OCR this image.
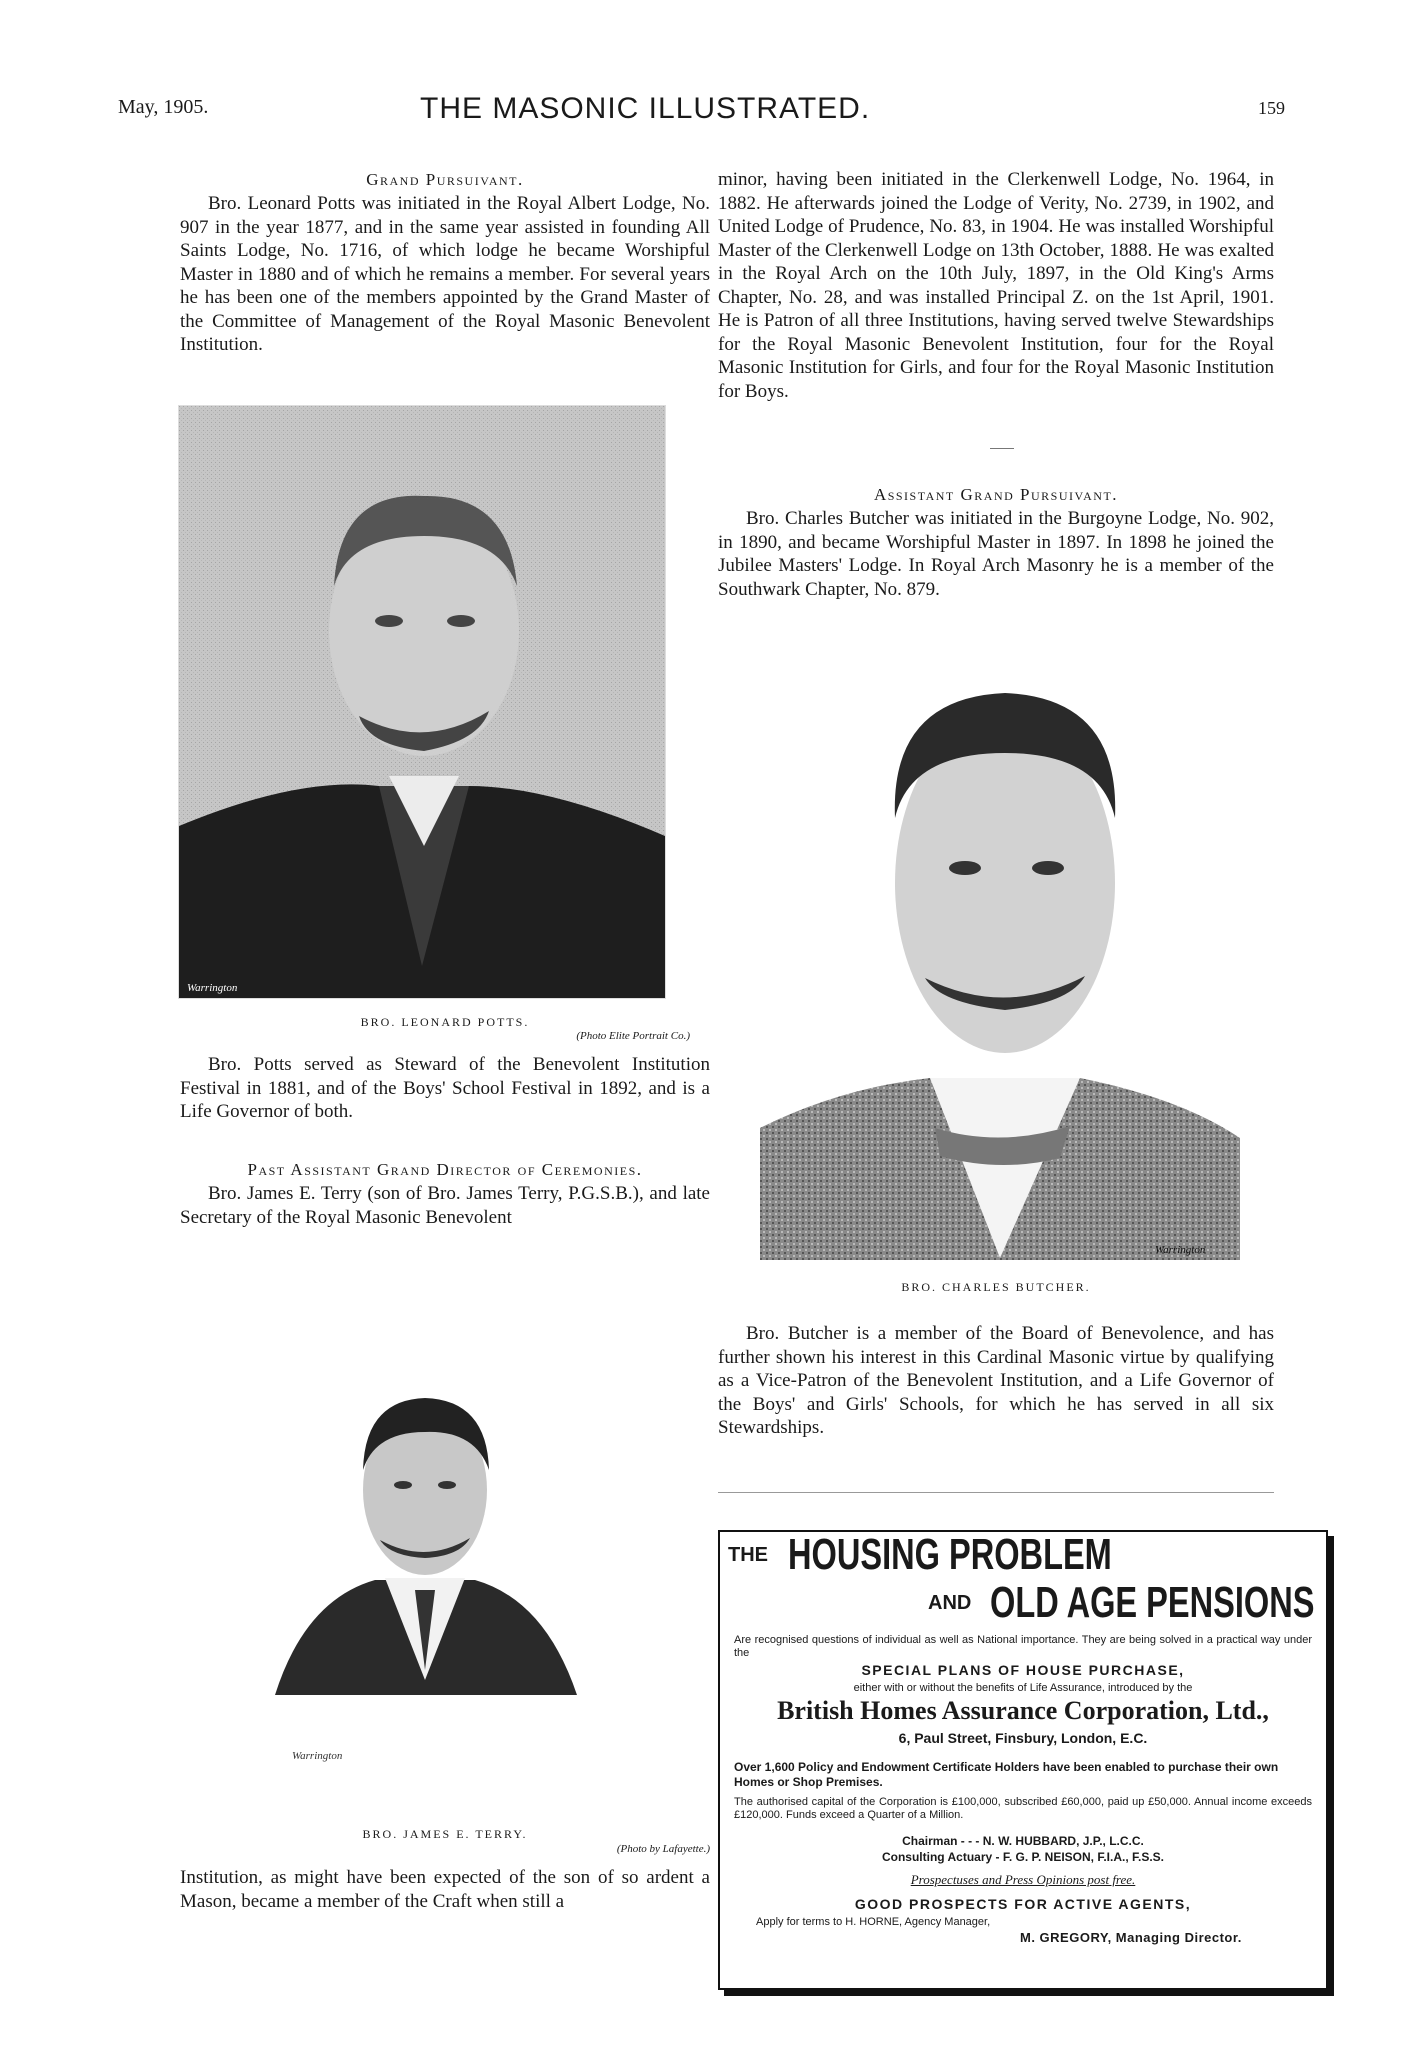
May, 1905.	THE MASONIC ILLUSTRATED.	159
Grand Pursuivant.

Bro. Leonard Potts was initiated in the Royal Albert Lodge, No. 907 in the year 1877, and in the same year assisted in founding All Saints Lodge, No. 1716, of which lodge he became Worshipful Master in 1880 and of which he remains a member. For several years he has been one of the members appointed by the Grand Master of the Committee of Management of the Royal Masonic Benevolent Institution.

Warrington
BRO. LEONARD POTTS.
(Photo Elite Portrait Co.)

Bro. Potts served as Steward of the Benevolent Institution Festival in 1881, and of the Boys' School Festival in 1892, and is a Life Governor of both.

Past Assistant Grand Director of Ceremonies.

Bro. James E. Terry (son of Bro. James Terry, P.G.S.B.), and late Secretary of the Royal Masonic Benevolent

Warrington
BRO. JAMES E. TERRY.
(Photo by Lafayette.)

Institution, as might have been expected of the son of so ardent a Mason, became a member of the Craft when still a

minor, having been initiated in the Clerkenwell Lodge, No. 1964, in 1882. He afterwards joined the Lodge of Verity, No. 2739, in 1902, and United Lodge of Prudence, No. 83, in 1904. He was installed Worshipful Master of the Clerkenwell Lodge on 13th October, 1888. He was exalted in the Royal Arch on the 10th July, 1897, in the Old King's Arms Chapter, No. 28, and was installed Principal Z. on the 1st April, 1901. He is Patron of all three Institutions, having served twelve Stewardships for the Royal Masonic Benevolent Institution, four for the Royal Masonic Institution for Girls, and four for the Royal Masonic Institution for Boys.

Assistant Grand Pursuivant.

Bro. Charles Butcher was initiated in the Burgoyne Lodge, No. 902, in 1890, and became Worshipful Master in 1897. In 1898 he joined the Jubilee Masters' Lodge. In Royal Arch Masonry he is a member of the Southwark Chapter, No. 879.

Warrington
BRO. CHARLES BUTCHER.

Bro. Butcher is a member of the Board of Benevolence, and has further shown his interest in this Cardinal Masonic virtue by qualifying as a Vice-Patron of the Benevolent Institution, and a Life Governor of the Boys' and Girls' Schools, for which he has served in all six Stewardships.

THE HOUSING PROBLEM
AND OLD AGE PENSIONS
Are recognised questions of individual as well as National importance. They are being solved in a practical way under the
SPECIAL PLANS OF HOUSE PURCHASE,
either with or without the benefits of Life Assurance, introduced by the
British Homes Assurance Corporation, Ltd.,
6, Paul Street, Finsbury, London, E.C.
Over 1,600 Policy and Endowment Certificate Holders have been enabled to purchase their own Homes or Shop Premises.
The authorised capital of the Corporation is £100,000, subscribed £60,000, paid up £50,000. Annual income exceeds £120,000. Funds exceed a Quarter of a Million.
Chairman - - - N. W. HUBBARD, J.P., L.C.C.
Consulting Actuary - F. G. P. NEISON, F.I.A., F.S.S.
Prospectuses and Press Opinions post free.
GOOD PROSPECTS FOR ACTIVE AGENTS,
Apply for terms to H. HORNE, Agency Manager,
M. GREGORY, Managing Director.
